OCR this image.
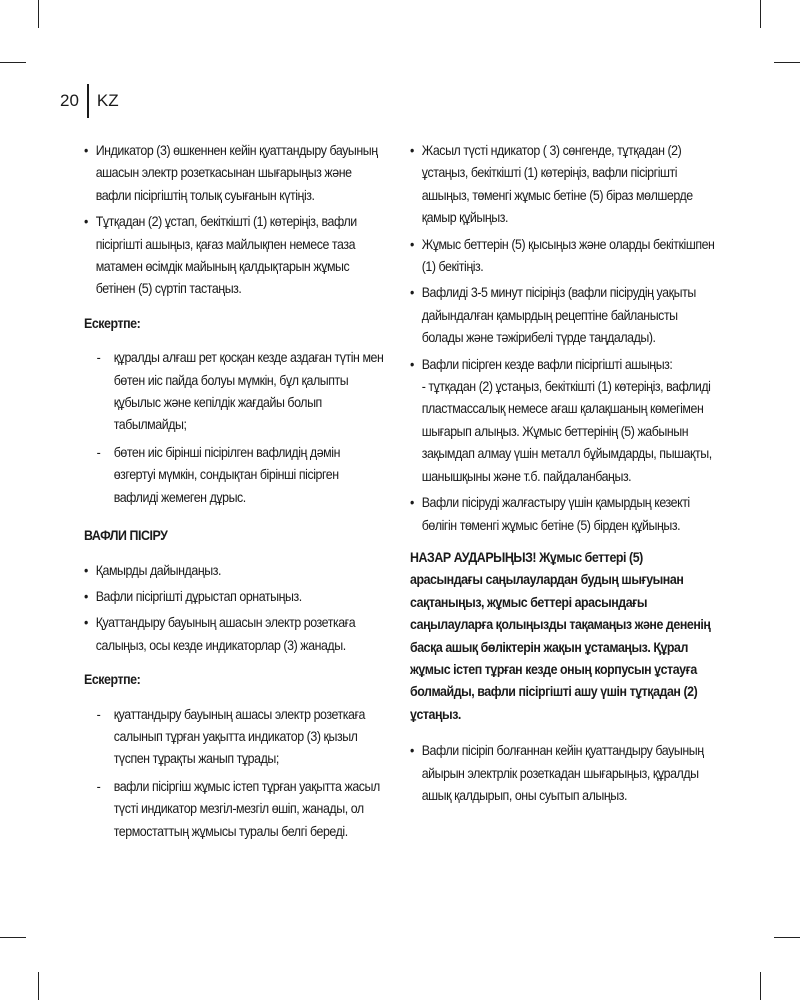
20	KZ
• Индикатор (3) өшкеннен кейін қуаттандыру бауының ашасын электр розеткасынан шығарыңыз және вафли пісіргіштің толық суығанын күтіңіз.
• Тұтқадан (2) ұстап, бекіткішті (1) көтеріңіз, вафли пісіргішті ашыңыз, қағаз майлықпен немесе таза матамен өсімдік майының қалдықтарын жұмыс бетінен (5) сүртіп тастаңыз.
Ескертпе:
- құралды алғаш рет қосқан кезде аздаған түтін мен бөтен иіс пайда болуы мүмкін, бұл қалыпты құбылыс және кепілдік жағдайы болып табылмайды;
- бөтен иіс бірінші пісірілген вафлидің дәмін өзгертуі мүмкін, сондықтан бірінші пісірген вафлиді жемеген дұрыс.
ВАФЛИ ПІСІРУ
• Қамырды дайындаңыз.
• Вафли пісіргішті дұрыстап орнатыңыз.
• Қуаттандыру бауының ашасын электр розеткаға салыңыз, осы кезде индикаторлар (3) жанады.
Ескертпе:
- қуаттандыру бауының ашасы электр розеткаға салынып тұрған уақытта индикатор (3) қызыл түспен тұрақты жанып тұрады;
- вафли пісіргіш жұмыс істеп тұрған уақытта жасыл түсті индикатор мезгіл-мезгіл өшіп, жанады, ол термостаттың жұмысы туралы белгі береді.
• Жасыл түсті ндикатор ( 3) сөнгенде, тұтқадан (2) ұстаңыз, бекіткішті (1) көтеріңіз, вафли пісіргішті ашыңыз, төменгі жұмыс бетіне (5) біраз мөлшерде қамыр құйыңыз.
• Жұмыс беттерін (5) қысыңыз және оларды бекіткішпен (1) бекітіңіз.
• Вафлиді 3-5 минут пісіріңіз (вафли пісірудің уақыты дайындалған қамырдың рецептіне байланысты болады және тәжірибелі түрде таңдалады).
• Вафли пісірген кезде вафли пісіргішті ашыңыз:
- тұтқадан (2) ұстаңыз, бекіткішті (1) көтеріңіз, вафлиді пластмассалық немесе ағаш қалақшаның көмегімен шығарып алыңыз. Жұмыс беттерінің (5) жабынын зақымдап алмау үшін металл бұйымдарды, пышақты, шанышқыны және т.б. пайдаланбаңыз.
• Вафли пісіруді жалғастыру үшін қамырдың кезекті бөлігін төменгі жұмыс бетіне (5) бірден құйыңыз.
НАЗАР АУДАРЫҢЫЗ! Жұмыс беттері (5) арасындағы саңылаулардан будың шығуынан сақтаныңыз, жұмыс беттері арасындағы саңылауларға қолыңызды тақамаңыз және дененің басқа ашық бөліктерін жақын ұстамаңыз. Құрал жұмыс істеп тұрған кезде оның корпусын ұстауға болмайды, вафли пісіргішті ашу үшін тұтқадан (2) ұстаңыз.
• Вафли пісіріп болғаннан кейін қуаттандыру бауының айырын электрлік розеткадан шығарыңыз, құралды ашық қалдырып, оны суытып алыңыз.
